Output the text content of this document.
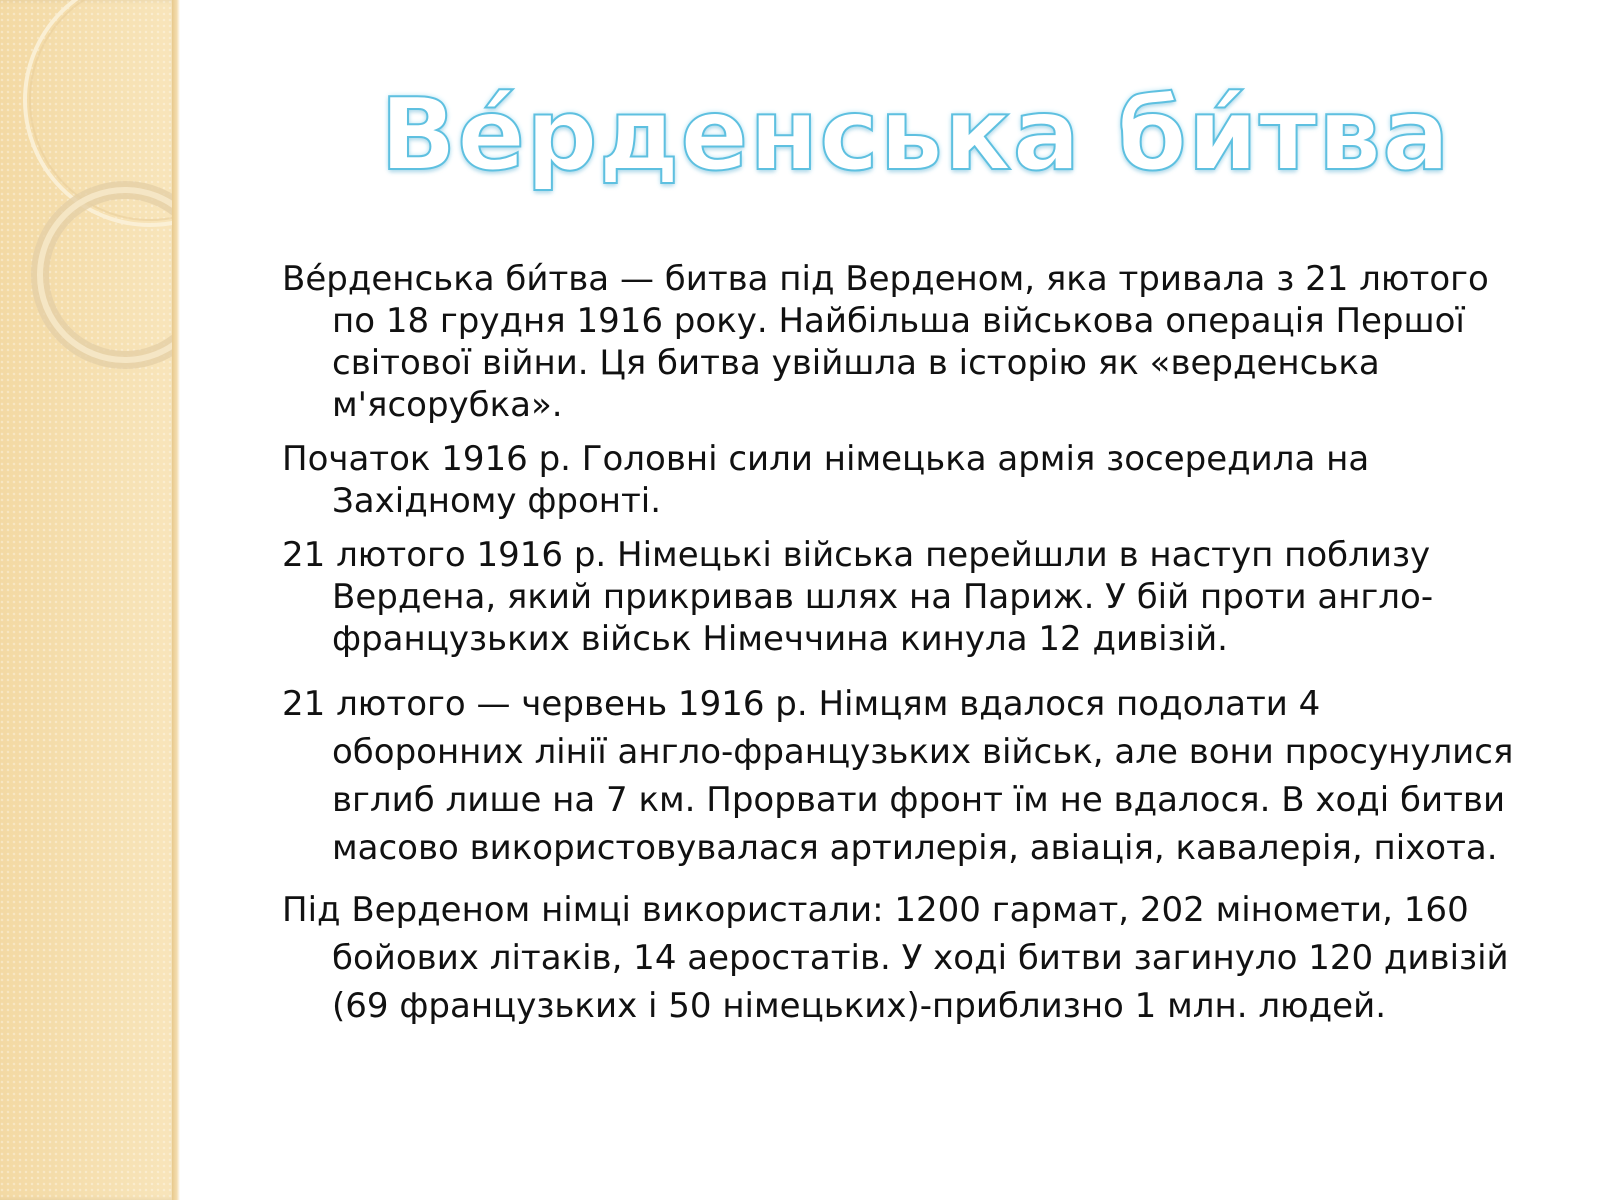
Ве́рденська би́тва

Ве́рденська би́тва — битва під Верденом, яка тривала з 21 лютого по 18 грудня 1916 року. Найбільша військова операція Першої світової війни. Ця битва увійшла в історію як «верденська м'ясорубка».

Початок 1916 р. Головні сили німецька армія зосередила на Західному фронті.

21 лютого 1916 р. Німецькі війська перейшли в наступ поблизу Вердена, який прикривав шлях на Париж. У бій проти англо-французьких військ Німеччина кинула 12 дивізій.

21 лютого — червень 1916 р. Німцям вдалося подолати 4 оборонних лінії англо-французьких військ, але вони просунулися вглиб лише на 7 км. Прорвати фронт їм не вдалося. В ході битви масово використовувалася артилерія, авіація, кавалерія, піхота.

Під Верденом німці використали: 1200 гармат, 202 міномети, 160 бойових літаків, 14 аеростатів. У ході битви загинуло 120 дивізій (69 французьких і 50 німецьких)-приблизно 1 млн. людей.
